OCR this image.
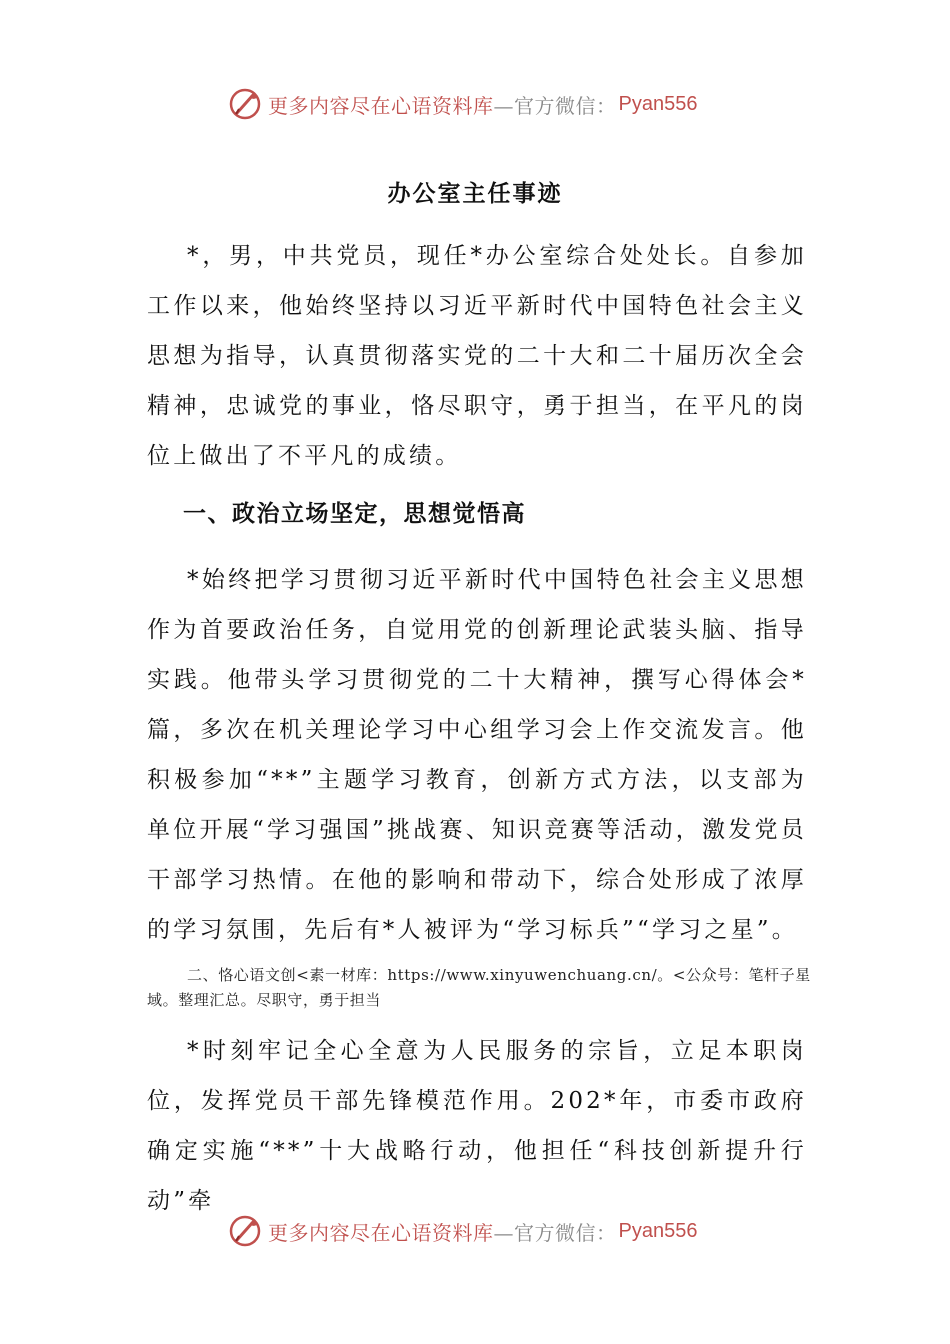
更多内容尽在心语资料库 —官方微信： Pyan556
办公室主任事迹

*，男，中共党员，现任*办公室综合处处长。自参加工作以来，他始终坚持以习近平新时代中国特色社会主义思想为指导，认真贯彻落实党的二十大和二十届历次全会精神，忠诚党的事业，恪尽职守，勇于担当，在平凡的岗位上做出了不平凡的成绩。

一、政治立场坚定，思想觉悟高

*始终把学习贯彻习近平新时代中国特色社会主义思想作为首要政治任务，自觉用党的创新理论武装头脑、指导实践。他带头学习贯彻党的二十大精神，撰写心得体会*篇，多次在机关理论学习中心组学习会上作交流发言。他积极参加“**”主题学习教育，创新方式方法，以支部为单位开展“学习强国”挑战赛、知识竞赛等活动，激发党员干部学习热情。在他的影响和带动下，综合处形成了浓厚的学习氛围，先后有*人被评为“学习标兵”“学习之星”。

二、恪心语文创<素一材库：https://www.xinyuwenchuang.cn/。<公众号：笔杆子星域。整理汇总。尽职守，勇于担当

*时刻牢记全心全意为人民服务的宗旨，立足本职岗位，发挥党员干部先锋模范作用。202*年，市委市政府确定实施“**”十大战略行动，他担任“科技创新提升行动”牵

更多内容尽在心语资料库 —官方微信： Pyan556
